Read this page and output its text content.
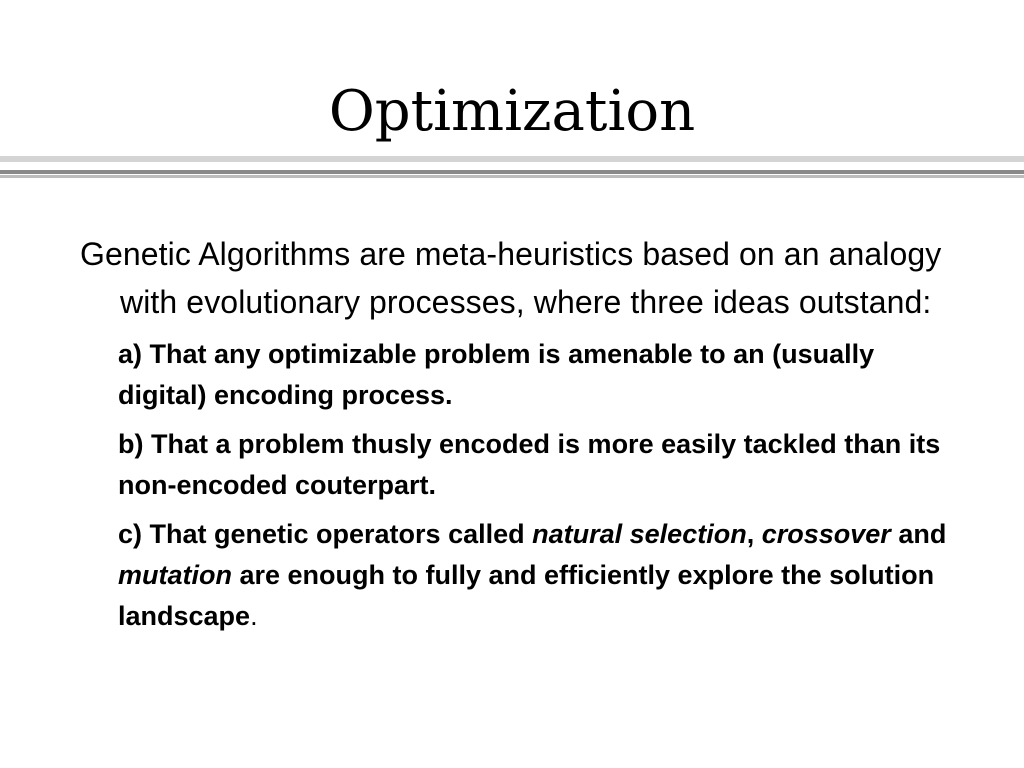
Optimization

Genetic Algorithms are meta-heuristics based on an analogy with evolutionary processes, where three ideas outstand:

a) That any optimizable problem is amenable to an (usually digital) encoding process.

b) That a problem thusly encoded is more easily tackled than its non-encoded couterpart.

c) That genetic operators called natural selection, crossover and mutation are enough to fully and efficiently explore the solution landscape.
